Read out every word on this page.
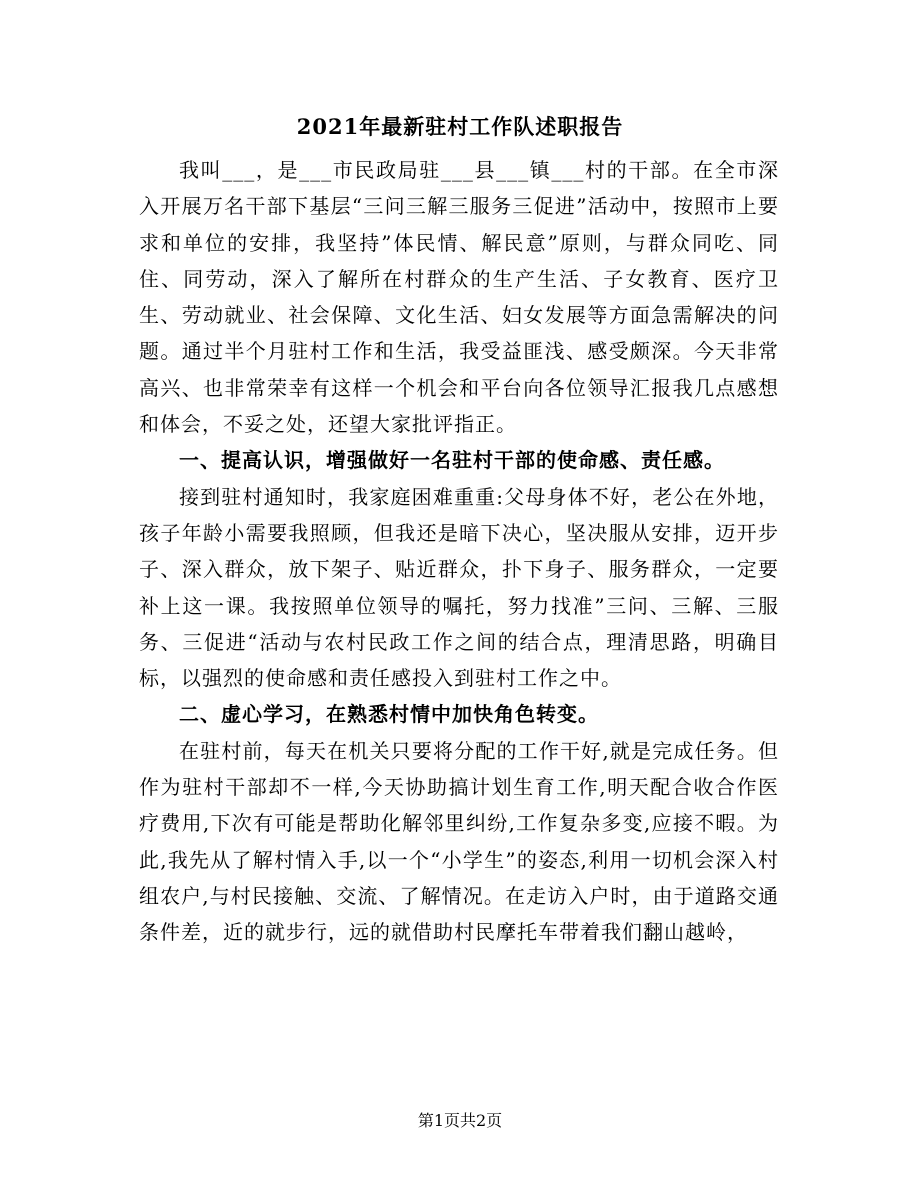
2021年最新驻村工作队述职报告

我叫___，是___市民政局驻___县___镇___村的干部。在全市深入开展万名干部下基层“三问三解三服务三促进”活动中，按照市上要求和单位的安排，我坚持”体民情、解民意”原则，与群众同吃、同住、同劳动，深入了解所在村群众的生产生活、子女教育、医疗卫生、劳动就业、社会保障、文化生活、妇女发展等方面急需解决的问题。通过半个月驻村工作和生活，我受益匪浅、感受颇深。今天非常高兴、也非常荣幸有这样一个机会和平台向各位领导汇报我几点感想和体会，不妥之处，还望大家批评指正。

一、提高认识，增强做好一名驻村干部的使命感、责任感。

接到驻村通知时，我家庭困难重重:父母身体不好，老公在外地，孩子年龄小需要我照顾，但我还是暗下决心，坚决服从安排，迈开步子、深入群众，放下架子、贴近群众，扑下身子、服务群众，一定要补上这一课。我按照单位领导的嘱托，努力找准”三问、三解、三服务、三促进“活动与农村民政工作之间的结合点，理清思路，明确目标，以强烈的使命感和责任感投入到驻村工作之中。

二、虚心学习，在熟悉村情中加快角色转变。

在驻村前，每天在机关只要将分配的工作干好,就是完成任务。但作为驻村干部却不一样,今天协助搞计划生育工作,明天配合收合作医疗费用,下次有可能是帮助化解邻里纠纷,工作复杂多变,应接不暇。为此,我先从了解村情入手,以一个“小学生”的姿态,利用一切机会深入村组农户,与村民接触、交流、了解情况。在走访入户时，由于道路交通条件差，近的就步行，远的就借助村民摩托车带着我们翻山越岭，

第1页共2页
